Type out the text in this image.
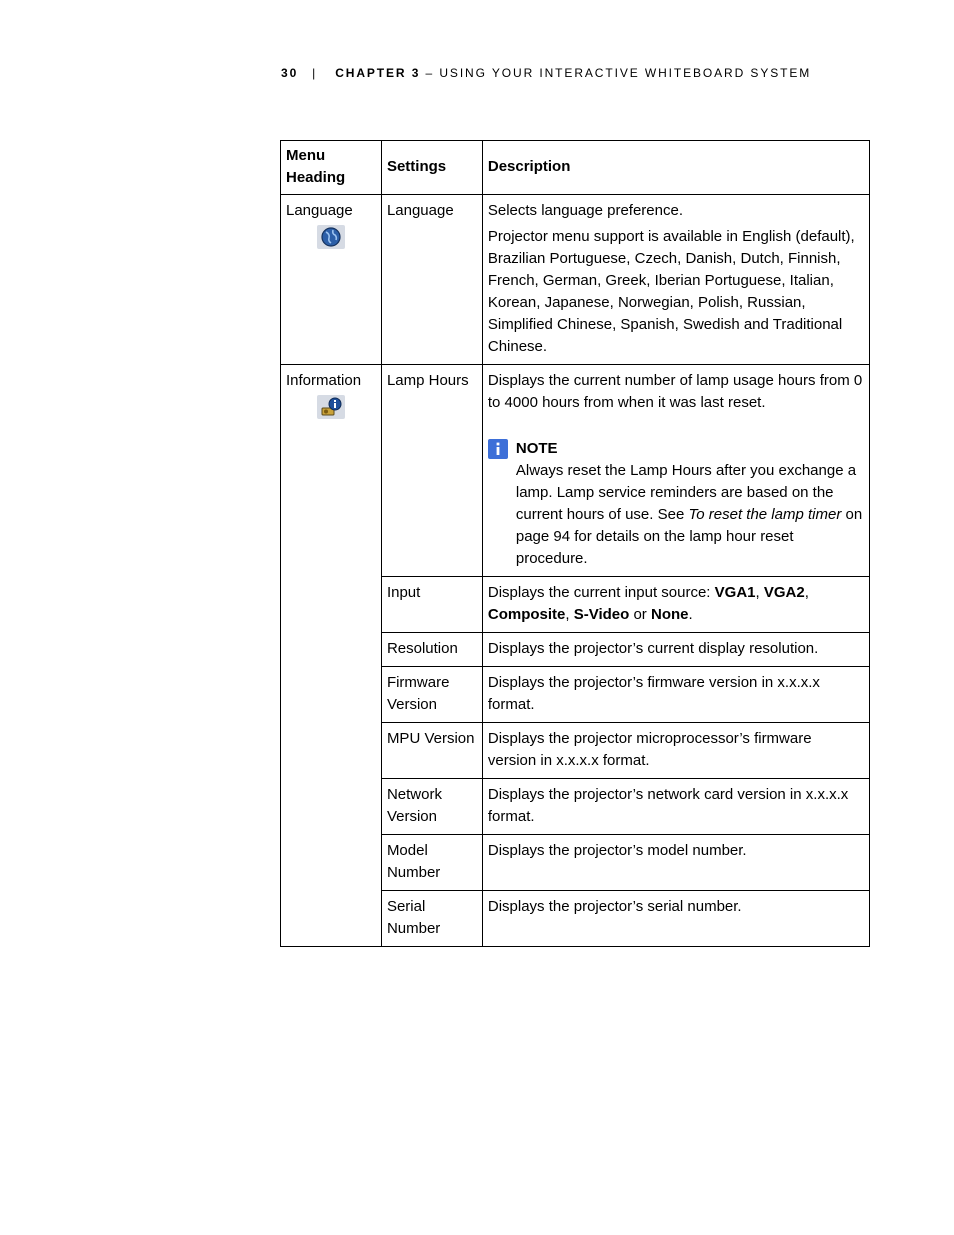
30 | CHAPTER 3 – USING YOUR INTERACTIVE WHITEBOARD SYSTEM
Menu Heading	Settings	Description
Language	Language	Selects language preference.

Projector menu support is available in English (default), Brazilian Portuguese, Czech, Danish, Dutch, Finnish, French, German, Greek, Iberian Portuguese, Italian, Korean, Japanese, Norwegian, Polish, Russian, Simplified Chinese, Spanish, Swedish and Traditional Chinese.

Information	Lamp Hours	Displays the current number of lamp usage hours from 0 to 4000 hours from when it was last reset.

NOTE

Always reset the Lamp Hours after you exchange a lamp. Lamp service reminders are based on the current hours of use. See To reset the lamp timer on page 94 for details on the lamp hour reset procedure.

	Input	Displays the current input source: VGA1, VGA2, Composite, S-Video or None.
	Resolution	Displays the projector’s current display resolution.
	Firmware Version	Displays the projector’s firmware version in x.x.x.x format.
	MPU Version	Displays the projector microprocessor’s firmware version in x.x.x.x format.
	Network Version	Displays the projector’s network card version in x.x.x.x format.
	Model Number	Displays the projector’s model number.
	Serial Number	Displays the projector’s serial number.
